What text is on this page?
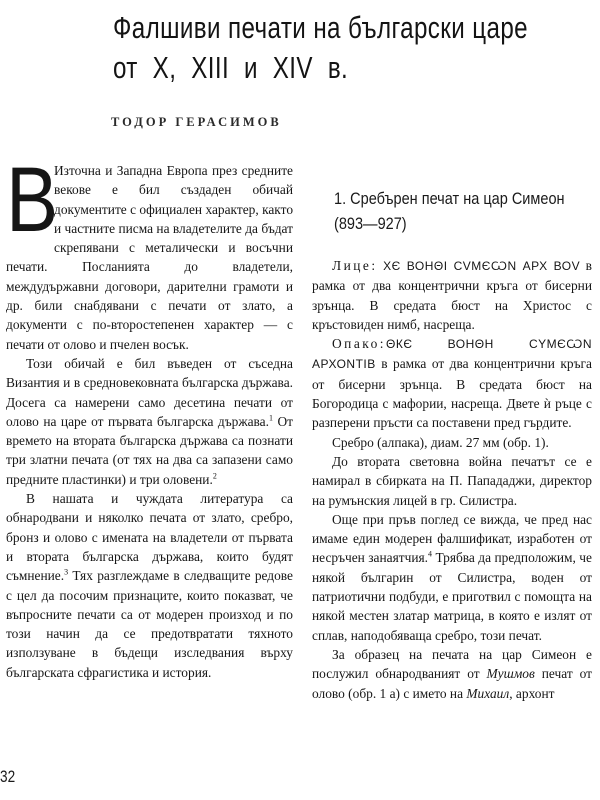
Фалшиви печати на български царе
от X, XIII и XIV в.
ТОДОР ГЕРАСИМОВ

В
Източна и Западна Европа през средните векове е бил създаден обичай документите с официален характер, както и частните писма на владетелите да бъдат скрепявани с металически и восъчни печати. Посланията до владетели, междудържавни договори, дарителни грамоти и др. били снабдявани с печати от злато, а документи с по-второстепенен характер — с печати от олово и пчелен восък.

Този обичай е бил въведен от съседна Византия и в средновековната българска държава. Досега са намерени само десетина печати от олово на царе от първата българска държава.$^1$ От времето на втората българска държава са познати три златни печата (от тях на два са запазени само предните пластинки) и три оловени.$^2$

В нашата и чуждата литература са обнародвани и няколко печата от злато, сребро, бронз и олово с имената на владетели от първата и втората българска държава, които будят съмнение.$^3$ Тях разглеждаме в следващите редове с цел да посочим признаците, които показват, че въпросните печати са от модерен произход и по този начин да се предотвратати тяхното използуване в бъдещи изследвания върху българската сфрагистика и история.

1. Сребърен печат на цар Симеон
(893—927)

Лице: ХЄ ВОНΘІ СVΜЄѠΝ АРХ ВОV в рамка от два концентрични кръга от бисерни зрънца. В средата бюст на Христос с кръстовиден нимб, насреща.

Опако:ΘКЄ ВОНΘΗ СΥΜЄѠΝ АРХОΝΤІВ в рамка от два концентрични кръга от бисерни зрънца. В средата бюст на Богородица с мафории, насреща. Двете ѝ ръце с разперени пръсти са поставени пред гърдите.

Сребро (алпака), диам. 27 мм (обр. 1).

До втората световна война печатът се е намирал в сбирката на П. Папададжи, директор на румънския лицей в гр. Силистра.

Още при пръв поглед се вижда, че пред нас имаме един модерен фалшификат, изработен от несръчен занаятчия.$^4$ Трябва да предположим, че някой българин от Силистра, воден от патриотични подбуди, е приготвил с помощта на някой местен златар матрица, в която е излят от сплав, наподобяваща сребро, този печат.

За образец на печата на цар Симеон е послужил обнародваният от Мушмов печат от олово (обр. 1 а) с името на Михаил, архонт

32
